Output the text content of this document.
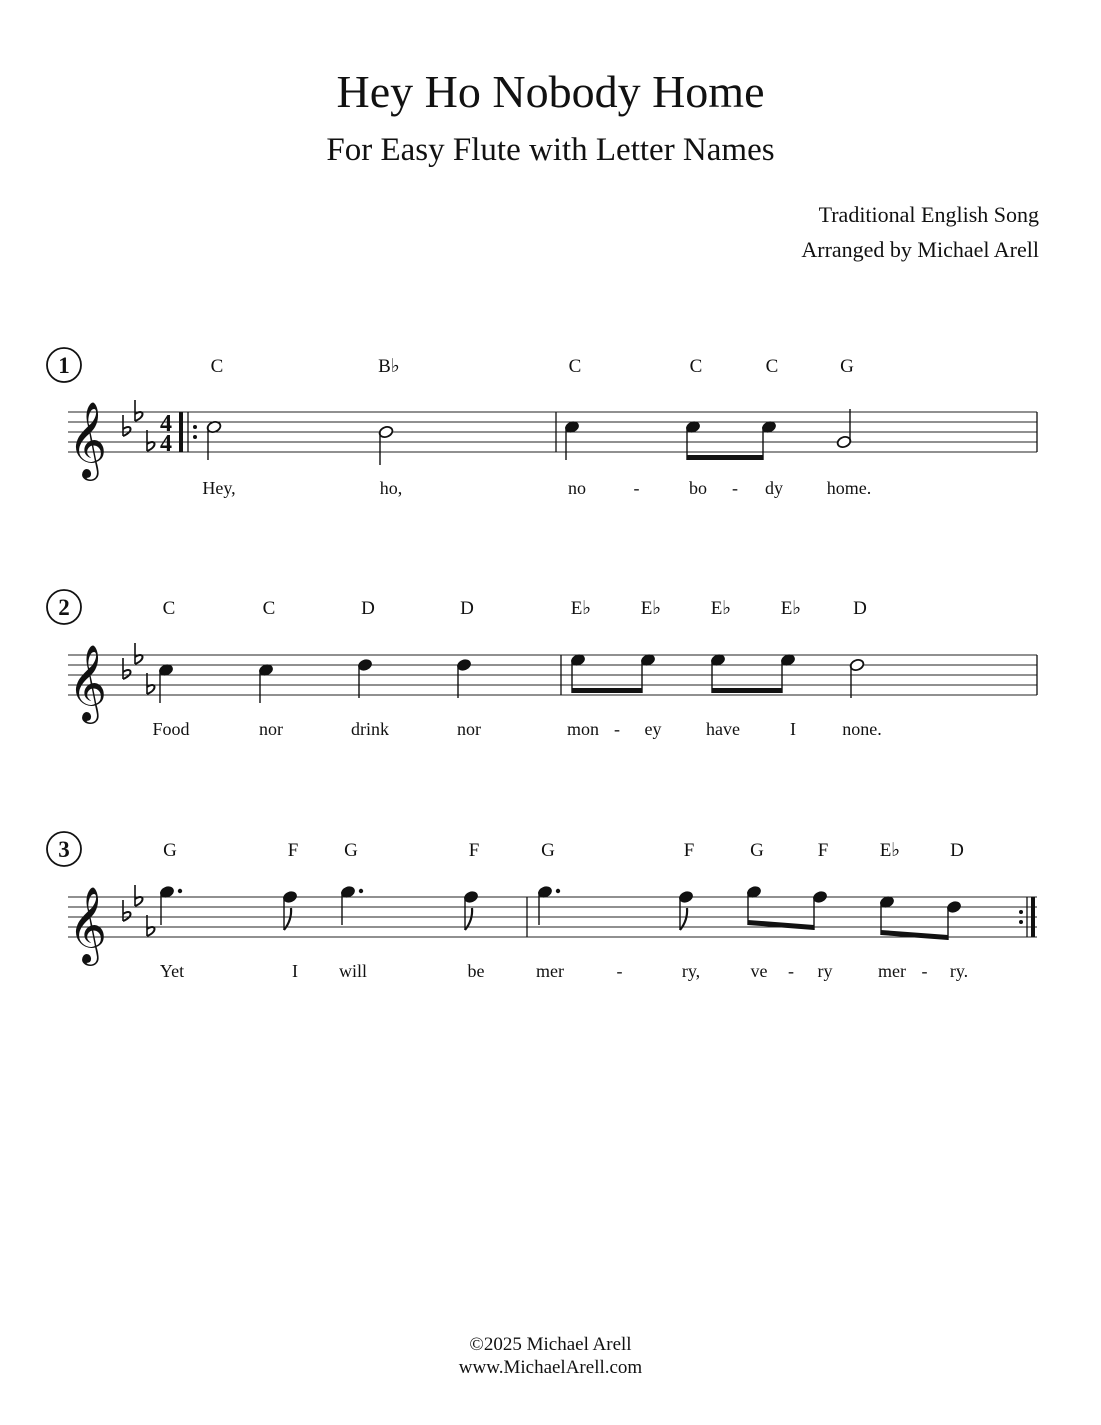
Hey Ho Nobody Home
For Easy Flute with Letter Names
Traditional English Song
Arranged by Michael Arell
1
𝄞 4
4
C
Hey,
B♭
ho,
C
no	-
C
bo -
C
dy
G
home.
2
𝄞
C
Food
C
nor
D
drink
D
nor
E♭
mon -
E♭
ey
E♭
have
E♭
I
D
none.
3
𝄞
G
Yet
F
I
G
will
F
be
G
mer	-
F
ry,
G
ve -
F
ry
E♭
mer -
D
ry.
©2025 Michael Arell
www.MichaelArell.com
